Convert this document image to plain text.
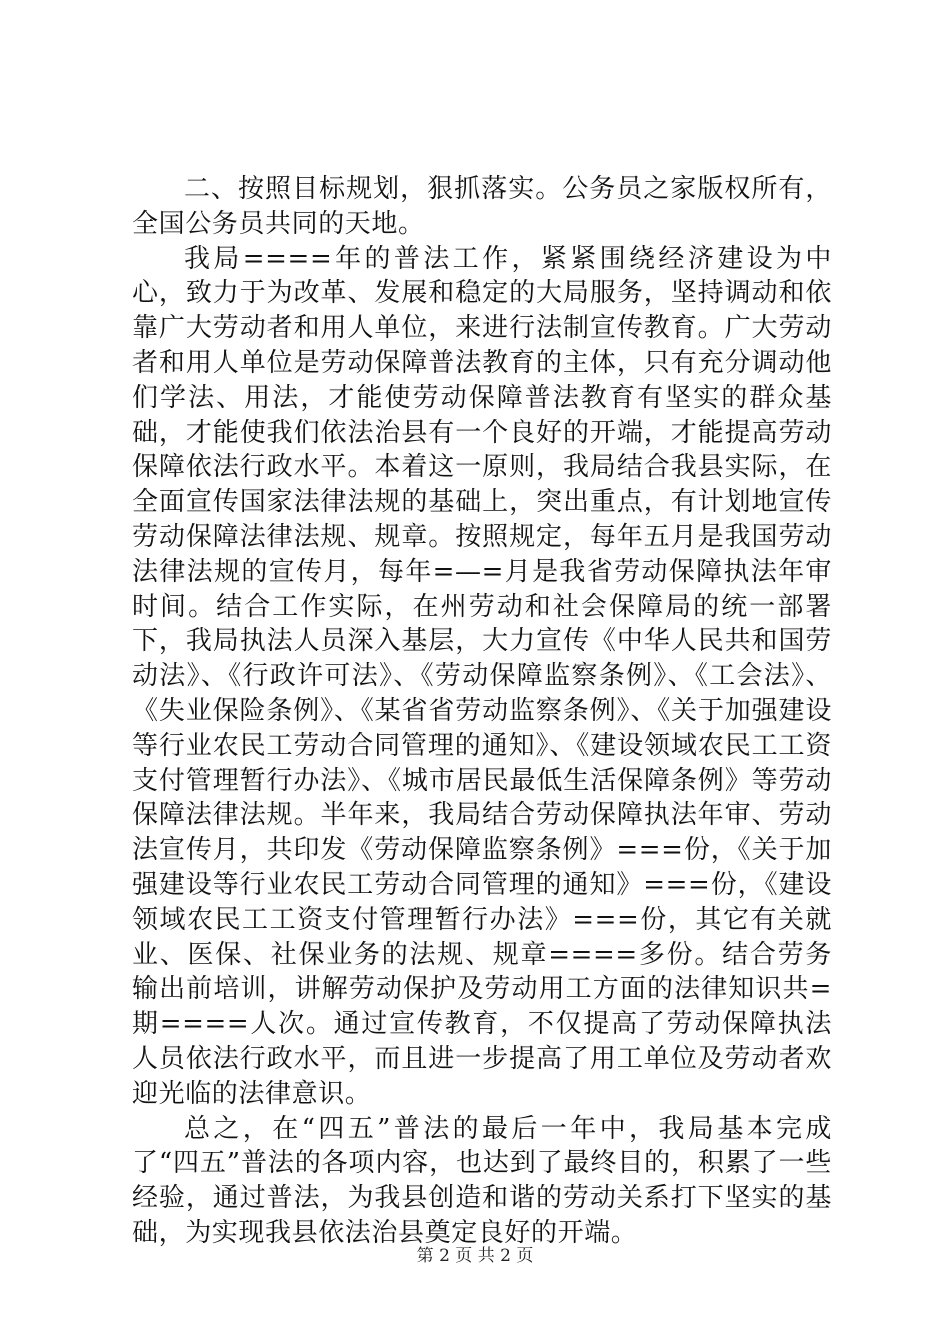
二、按照目标规划，狠抓落实。公务员之家版权所有，全国公务员共同的天地。

我局====年的普法工作，紧紧围绕经济建设为中心，致力于为改革、发展和稳定的大局服务，坚持调动和依靠广大劳动者和用人单位，来进行法制宣传教育。广大劳动者和用人单位是劳动保障普法教育的主体，只有充分调动他们学法、用法，才能使劳动保障普法教育有坚实的群众基础，才能使我们依法治县有一个良好的开端，才能提高劳动保障依法行政水平。本着这一原则，我局结合我县实际，在全面宣传国家法律法规的基础上，突出重点，有计划地宣传劳动保障法律法规、规章。按照规定，每年五月是我国劳动法律法规的宣传月，每年=—=月是我省劳动保障执法年审时间。结合工作实际，在州劳动和社会保障局的统一部署下，我局执法人员深入基层，大力宣传《中华人民共和国劳动法》、《行政许可法》、《劳动保障监察条例》、《工会法》、《失业保险条例》、《某省省劳动监察条例》、《关于加强建设等行业农民工劳动合同管理的通知》、《建设领域农民工工资支付管理暂行办法》、《城市居民最低生活保障条例》等劳动保障法律法规。半年来，我局结合劳动保障执法年审、劳动法宣传月，共印发《劳动保障监察条例》===份，《关于加强建设等行业农民工劳动合同管理的通知》===份，《建设领域农民工工资支付管理暂行办法》===份，其它有关就业、医保、社保业务的法规、规章====多份。结合劳务输出前培训，讲解劳动保护及劳动用工方面的法律知识共=期====人次。通过宣传教育，不仅提高了劳动保障执法人员依法行政水平，而且进一步提高了用工单位及劳动者欢迎光临的法律意识。

总之，在“四五”普法的最后一年中，我局基本完成了“四五”普法的各项内容，也达到了最终目的，积累了一些经验，通过普法，为我县创造和谐的劳动关系打下坚实的基础，为实现我县依法治县奠定良好的开端。

第 2 页 共 2 页
